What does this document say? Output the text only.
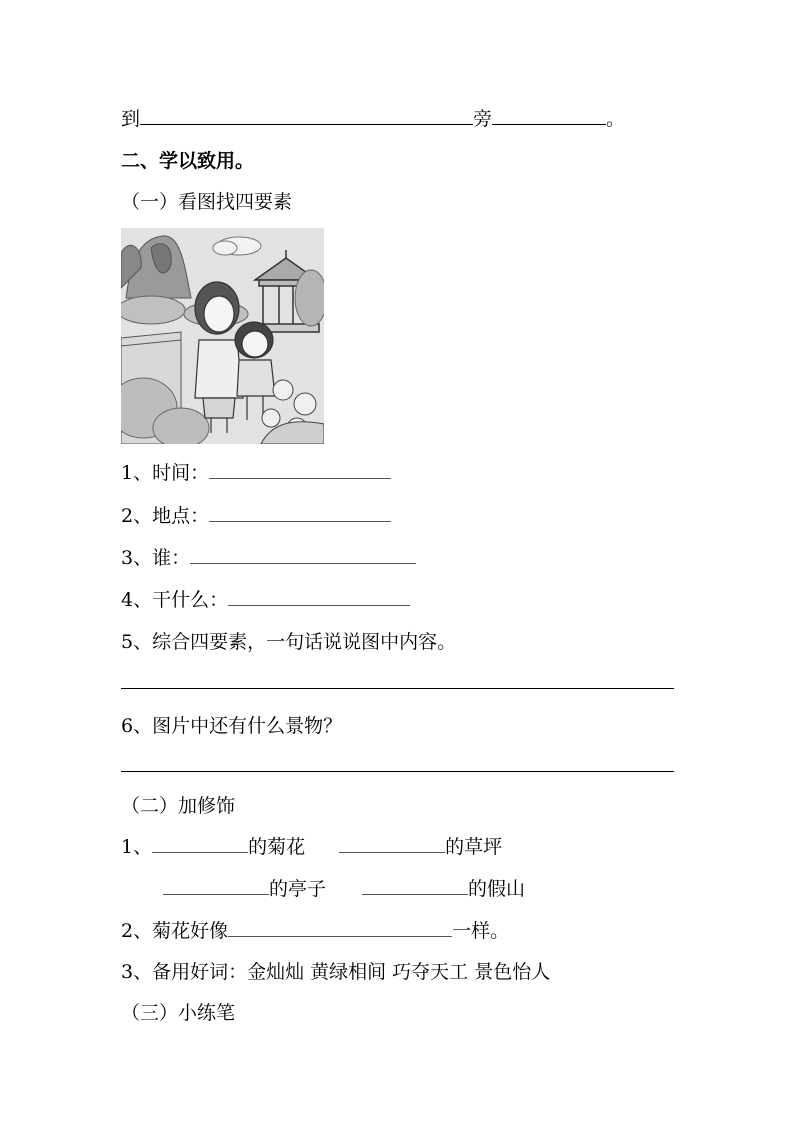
到	旁	。
二、学以致用。
（一）看图找四要素
1、时间：
2、地点：
3、谁：
4、干什么：
5、综合四要素，一句话说说图中内容。
6、图片中还有什么景物？
（二）加修饰
1、	的菊花	的草坪
的亭子	的假山
2、菊花好像	一样。
3、备用好词：金灿灿 黄绿相间 巧夺天工 景色怡人
（三）小练笔
